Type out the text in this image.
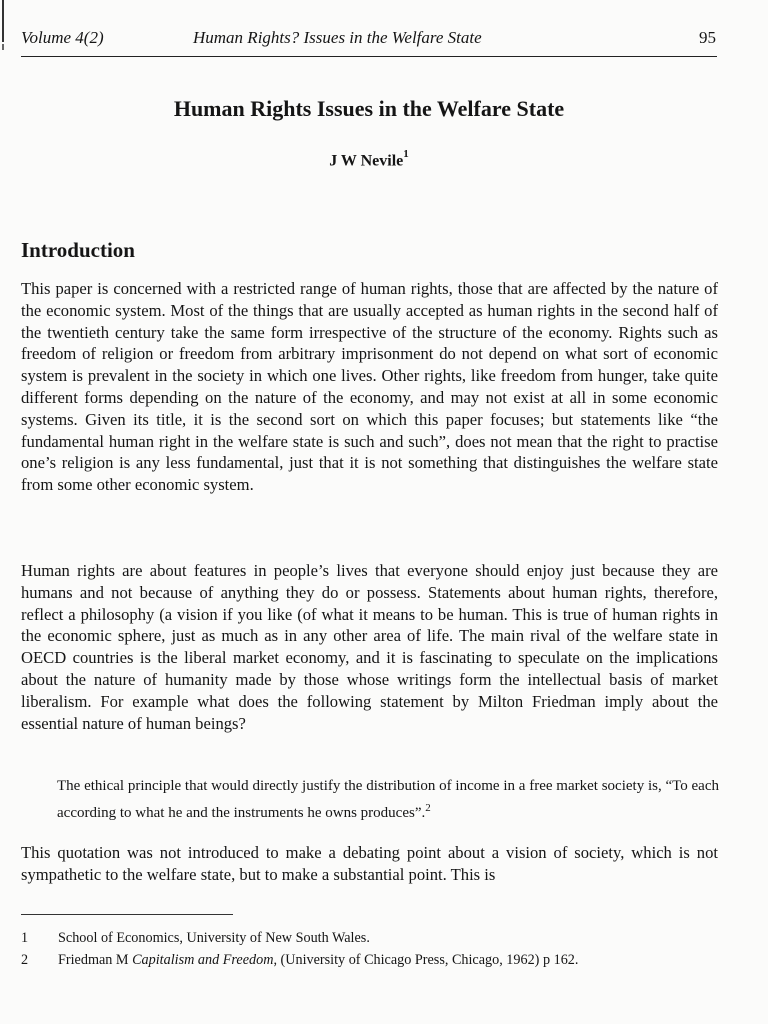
Volume 4(2)	Human Rights? Issues in the Welfare State	95
Human Rights Issues in the Welfare State
J W Nevile$^1$
Introduction
This paper is concerned with a restricted range of human rights, those that are affected by the nature of the economic system. Most of the things that are usually accepted as human rights in the second half of the twentieth century take the same form irrespective of the structure of the economy. Rights such as freedom of religion or freedom from arbitrary imprisonment do not depend on what sort of economic system is prevalent in the society in which one lives. Other rights, like freedom from hunger, take quite different forms depending on the nature of the economy, and may not exist at all in some economic systems. Given its title, it is the second sort on which this paper focuses; but statements like “the fundamental human right in the welfare state is such and such”, does not mean that the right to practise one’s religion is any less fundamental, just that it is not something that distinguishes the welfare state from some other economic system.
Human rights are about features in people’s lives that everyone should enjoy just because they are humans and not because of anything they do or possess. Statements about human rights, therefore, reflect a philosophy (a vision if you like (of what it means to be human. This is true of human rights in the economic sphere, just as much as in any other area of life. The main rival of the welfare state in OECD countries is the liberal market economy, and it is fascinating to speculate on the implications about the nature of humanity made by those whose writings form the intellectual basis of market liberalism. For example what does the following statement by Milton Friedman imply about the essential nature of human beings?
The ethical principle that would directly justify the distribution of income in a free market society is, “To each according to what he and the instruments he owns produces”.$^2$
This quotation was not introduced to make a debating point about a vision of society, which is not sympathetic to the welfare state, but to make a substantial point. This is
1 School of Economics, University of New South Wales.
2 Friedman M Capitalism and Freedom, (University of Chicago Press, Chicago, 1962) p 162.
